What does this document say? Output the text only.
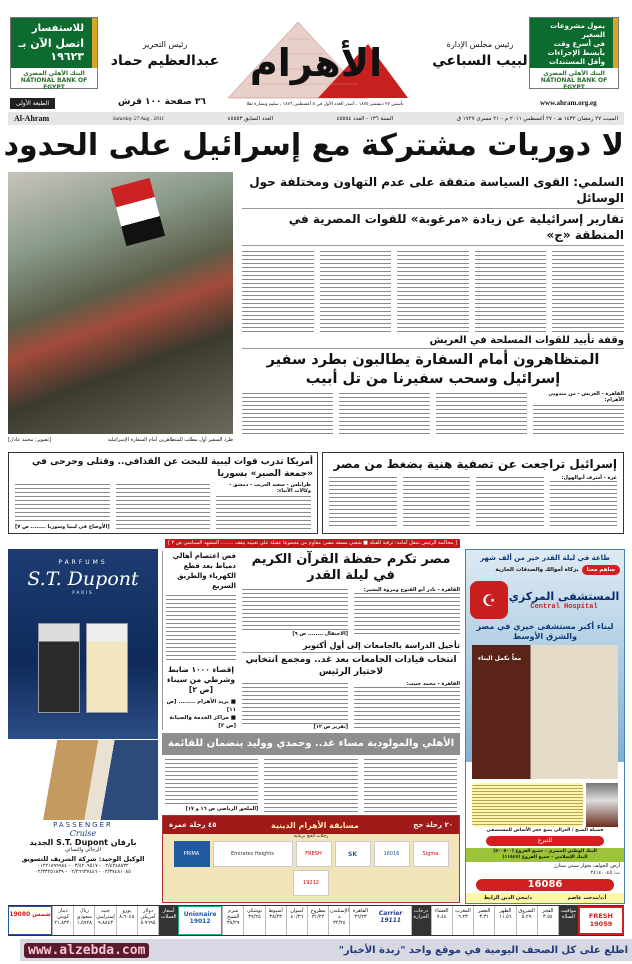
للاستفسار
اتصل الآن بـ ١٩٦٢٣
البنك الأهلي المصري NATIONAL BANK OF EGYPT
رئيس التحرير
عبدالعظيم حماد الأهرام
تأسس ٢٧ ديسمبر ١٨٧٥ ، أصدر العدد الأول في ٥ أغسطس ١٨٧٦ ، سليم وبشارة تقلا
رئيس مجلس الإدارة
لبيب السباعي
يمول مشروعات الصغير
في أسرع وقت
بأبسط الإجراءات
وأقل المستندات
البنك الأهلي المصري NATIONAL BANK OF EGYPT
الطبعة الأولى	٣٦ صفحة ١٠٠ قرش	www.ahram.org.eg
Al-Ahram	Saturday 27 Aug . 2011	العدد السابق ٤٥٥٥٣	السنة ١٣٦ - العدد ٤٥٥٥٤	السبت ٢٧ رمضان ١٤٣٢ هـ - ٢٧ أغسطس ٢٠١١ م - ٢١ مسرى ١٧٢٧ ق
لا دوريات مشتركة مع إسرائيل على الحدود
السلمي: القوى السياسة متفقة على عدم التهاون ومختلفة حول الوسائل
تقارير إسرائيلية عن زيادة «مرغوبة» للقوات المصرية في المنطقة «ج»
وقفة تأييد للقوات المسلحة في العريش
المتظاهرون أمام السفارة يطالبون بطرد سفير إسرائيل وسحب سفيرنا من تل أبيب
القاهرة - العريش - من مندوبي الأهرام:
طرد السفير أول مطلب للمتظاهرين أمام السفارة الإسرائيلية
[تصوير: محمد عادل]
إسرائيل تراجعت عن تصفية هنية بضغط من مصر
غزة - أشرف أبوالهول:
أمريكا تدرب قوات ليبية للبحث عن القذافي.. وقتلى وجرحى في «جمعة الصبر» بسوريا
طرابلس - سعيد الغريب - دمشق - وكالات الأنباء:
[الأوضاع في ليبيا وسوريا ........ ص ٧]
[ محاكمة الرئيس تنتقل أمامه: ترقية للقبلة ■ شعبي مسعد مصر: مقاوم من مجموعا عقيلة على تعيينه بيقف ........ المشهد السياسي ص ٣ ]
PARFUMS
S.T. Dupont
PARIS
PASSENGER
Cruise
بارفان S.T. Dupont الجديد
الرجالي والنسائي
الوكيل الوحيد: شركة الشريف للتسويق
٠٢/٤٢٤٨٨٣٢ - ٠٣/٤٢٠٩٥١٧ - ٠١٢٢١٨٩٩٩٨٤
٠٢/٣٧٤٨١٠٨٥ - ٠٢/٢٦٦٣٧٤٤٦ - ٠٢/٣٣٢٥١٨٣٩
فض اعتصام أهالي دمياط بعد قطع الكهرباء والطريق السريع
إقصاء ١٠٠٠ ضابط وشرطي من سيناء [ص ٢]
■ بريد الأهرام ........ [ص ١١]
■ مراكز الخدمة والصيانة [ص ٢]
مصر تكرم حفظة القرآن الكريم في ليلة القدر
القاهرة - نادر أبو الفتوح ومروة البشير:
[الاحتفال ........ ص ٩]
تأجيل الدراسة بالجامعات إلى أول أكتوبر
انتخاب قيادات الجامعات بعد غد.. ومجمع انتخابي لاختيار الرئيس
القاهرة - محمد حبيب:
[تقرير ص ١٢]
الأهلي والمولودية مساء غد.. وحمدي ووليد ينضمان للقائمة
[الملحق الرياضي ص ١٦ و ١٧]
٢٠ رحلة حج
مسابقة الأهرام الدينية
٤٥ رحلة عمرة
رحلات الحج برعاية
PRIMA	Emirates Heights	FRESH	SK	16016	Sigma
19212
طاعة في ليلة القدر خير من ألف شهر
ساهم معنا
بزكاة أموالك والصدقات الجارية
☪	المستشفى المركزي
Central Hospital
لبناء أكبر مستشفى خيري في مصر والشرق الأوسط
معاً نكمل البناء
فضيلة الشيخ / الغزالي يضع حجر الأساس للمستشفى
للتبرع
البنك الوطني المصري - جميع الفروع (٥٠٠٥٠٠)
البنك الإسلامي - جميع الفروع (١١٥٤٧)
أرض الجولف بجوار سيتي ستارز
ت: ٢٤١٤٠٠٤٥
16086
أ.د/مدحت عاصم
د/محي الدين الزايط
شمس 19080	دينار كويتي
٢١.٨٣٢٠
ريال سعودي
١.٥٩٢٨
جنيه إسترليني
٩.٨٤٤٣
يورو
٨.٦٠٤٨
دولار أمريكي
٥.٩٦٩٥
أسعار العملات	Unionaire 19012
شرم الشيخ
٣٨/٢٩
توشكى
٣٩/٢٥
أسيوط
٣٨/٢٣
أسوان
٤٠/٢٦
مطروح
٣١/٢٢
الإسكندرية
٣٢/٢٤
القاهرة
٣٦/٢٣	Carrier 19111
درجات الحرارة
العشاء
٧.٤٤
المغرب
٦.٢٣
العصر
٣.٣١
الظهر
١١.٥٦
الشروق
٥.٢٩
الفجر
٣.٥٤
مواقيت الصلاة	FRESH 19059
www.alzebda.com	اطلع على كل الصحف اليومية في موقع واحد "زبدة الأخبار"
